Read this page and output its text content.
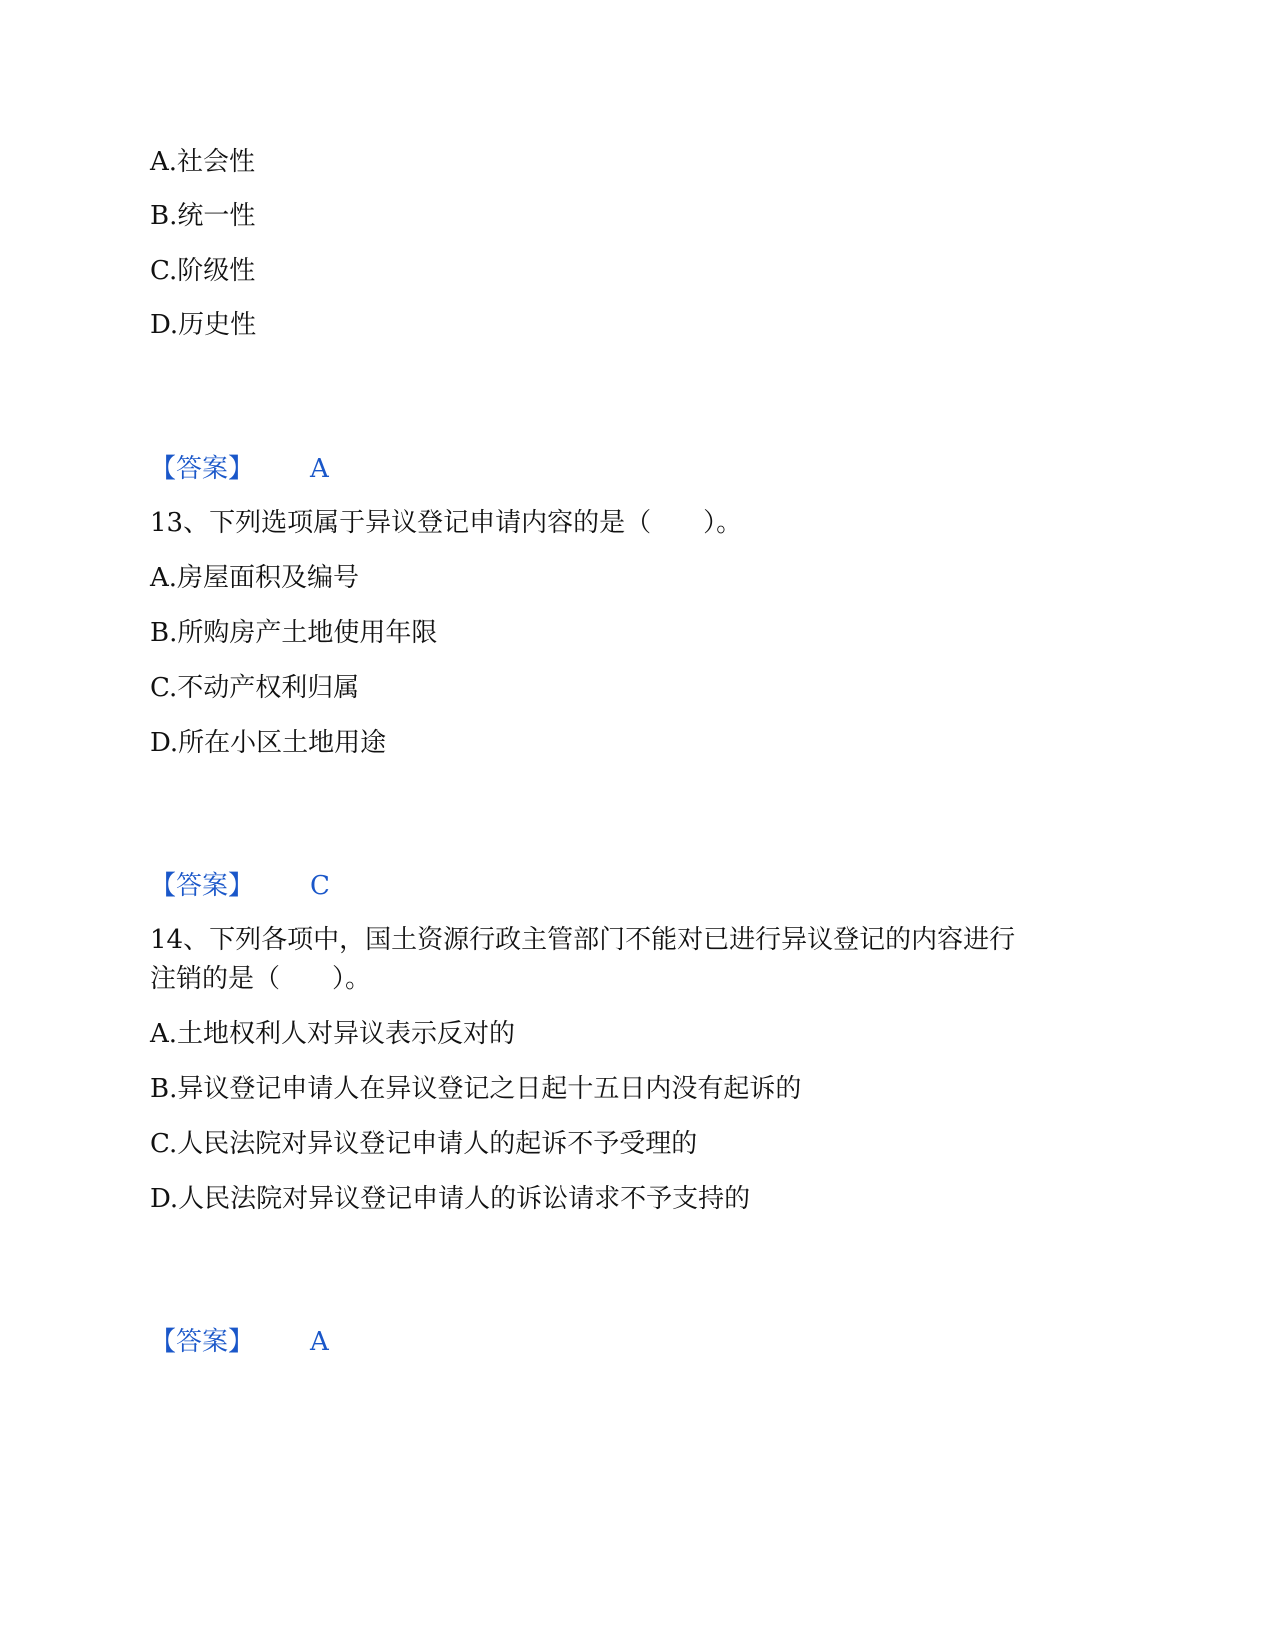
A.社会性
B.统一性
C.阶级性
D.历史性
【答案】 A
13、下列选项属于异议登记申请内容的是（　　）。
A.房屋面积及编号
B.所购房产土地使用年限
C.不动产权利归属
D.所在小区土地用途
【答案】 C
14、下列各项中，国土资源行政主管部门不能对已进行异议登记的内容进行
注销的是（　　）。
A.土地权利人对异议表示反对的
B.异议登记申请人在异议登记之日起十五日内没有起诉的
C.人民法院对异议登记申请人的起诉不予受理的
D.人民法院对异议登记申请人的诉讼请求不予支持的
【答案】 A
